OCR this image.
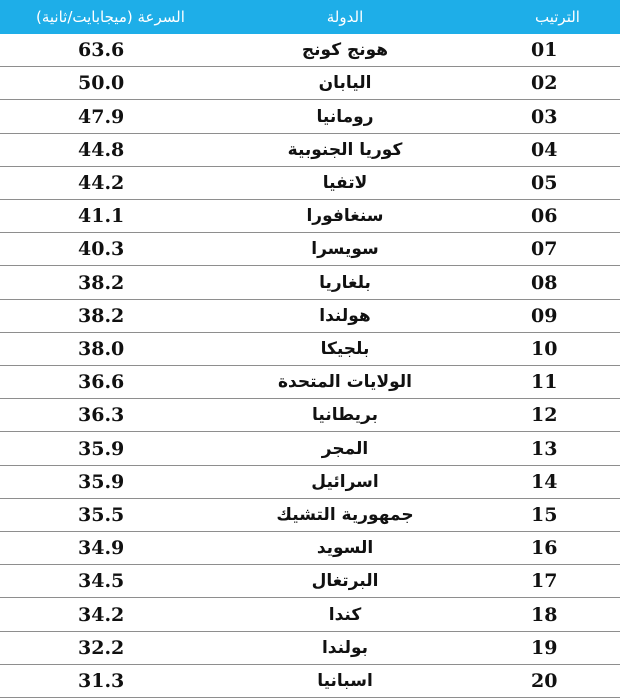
الترتيب
الدولة
السرعة (ميجابايت/ثانية)
01
هونج كونج
63.6
02
اليابان
50.0
03
رومانيا
47.9
04
كوريا الجنوبية
44.8
05
لاتفيا
44.2
06
سنغافورا
41.1
07
سويسرا
40.3
08
بلغاريا
38.2
09
هولندا
38.2
10
بلجيكا
38.0
11
الولايات المتحدة
36.6
12
بريطانيا
36.3
13
المجر
35.9
14
اسرائيل
35.9
15
جمهورية التشيك
35.5
16
السويد
34.9
17
البرتغال
34.5
18
كندا
34.2
19
بولندا
32.2
20
اسبانيا
31.3
